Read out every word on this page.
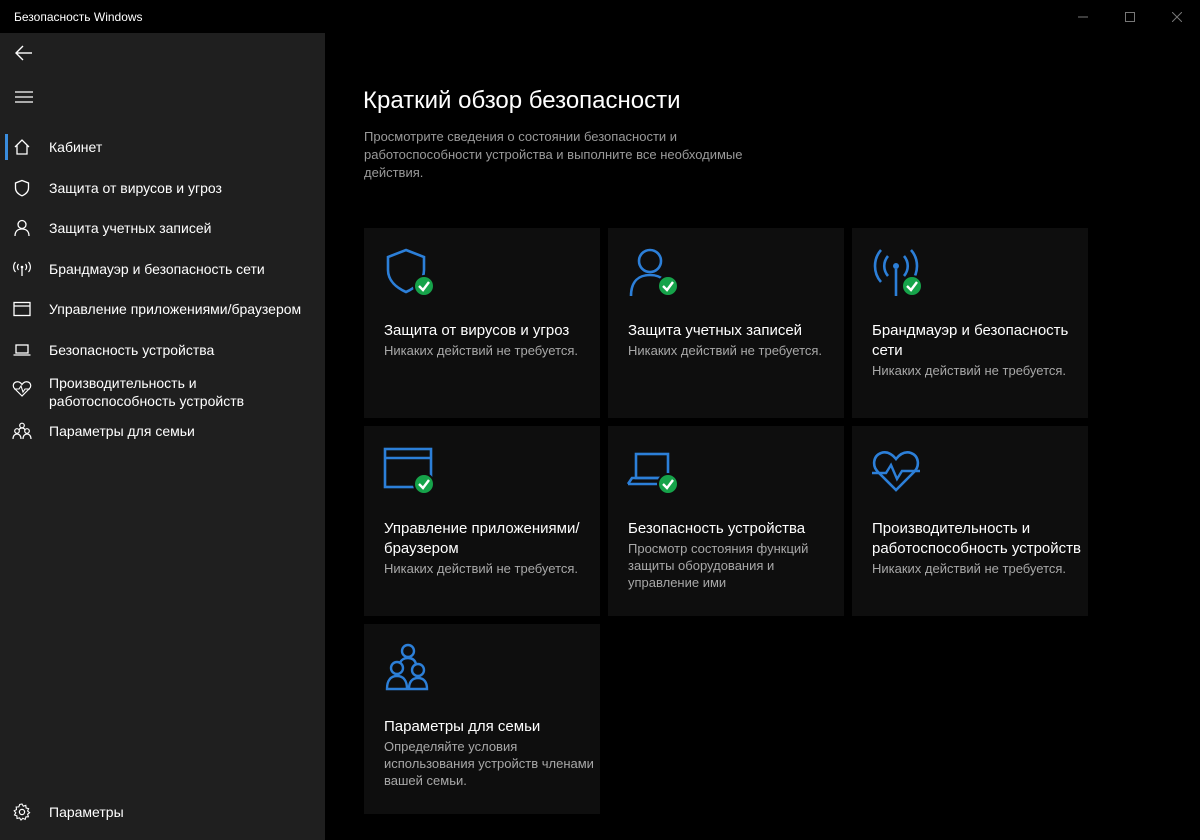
Безопасность Windows
Кабинет
Защита от вирусов и угроз
Защита учетных записей
Брандмауэр и безопасность сети
Управление приложениями/браузером
Безопасность устройства
Производительность и работоспособность устройств
Параметры для семьи
Параметры
Краткий обзор безопасности

Просмотрите сведения о состоянии безопасности и работоспособности устройства и выполните все необходимые действия.

Защита от вирусов и угроз
Никаких действий не требуется.
Защита учетных записей
Никаких действий не требуется.
Брандмауэр и безопасность сети
Никаких действий не требуется.
Управление приложениями/браузером
Никаких действий не требуется.
Безопасность устройства
Просмотр состояния функций защиты оборудования и управление ими
Производительность и работоспособность устройств
Никаких действий не требуется.
Параметры для семьи
Определяйте условия использования устройств членами вашей семьи.
